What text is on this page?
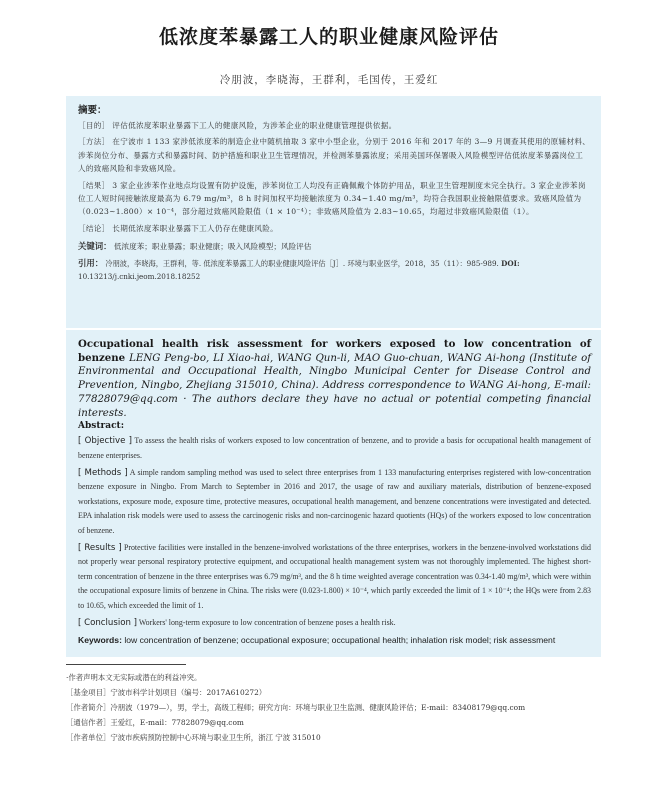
低浓度苯暴露工人的职业健康风险评估
冷朋波，李晓海，王群利，毛国传，王爱红
摘要：
［目的］ 评估低浓度苯职业暴露下工人的健康风险，为涉苯企业的职业健康管理提供依据。
［方法］ 在宁波市 1 133 家涉低浓度苯的制造企业中随机抽取 3 家中小型企业，分别于 2016 年和 2017 年的 3—9 月调查其使用的原辅材料、涉苯岗位分布、暴露方式和暴露时间、防护措施和职业卫生管理情况，并检测苯暴露浓度；采用美国环保署吸入风险模型评估低浓度苯暴露岗位工人的致癌风险和非致癌风险。
［结果］ 3 家企业涉苯作业地点均设置有防护设施，涉苯岗位工人均没有正确佩戴个体防护用品，职业卫生管理制度未完全执行。3 家企业涉苯岗位工人短时间接触浓度最高为 6.79 mg/m³，8 h 时间加权平均接触浓度为 0.34~1.40 mg/m³，均符合我国职业接触限值要求。致癌风险值为（0.023~1.800）× 10⁻⁴，部分超过致癌风险限值（1 × 10⁻⁴）；非致癌风险值为 2.83~10.65，均超过非致癌风险限值（1）。
［结论］ 长期低浓度苯职业暴露下工人仍存在健康风险。
关键词： 低浓度苯；职业暴露；职业健康；吸入风险模型；风险评估
引用： 冷朋波，李晓海，王群利，等. 低浓度苯暴露工人的职业健康风险评估［J］. 环境与职业医学，2018，35（11）：985-989. DOI: 10.13213/j.cnki.jeom.2018.18252
Occupational health risk assessment for workers exposed to low concentration of benzene LENG Peng-bo, LI Xiao-hai, WANG Qun-li, MAO Guo-chuan, WANG Ai-hong (Institute of Environmental and Occupational Health, Ningbo Municipal Center for Disease Control and Prevention, Ningbo, Zhejiang 315010, China). Address correspondence to WANG Ai-hong, E-mail: 77828079@qq.com · The authors declare they have no actual or potential competing financial interests.
Abstract:
[ Objective ] To assess the health risks of workers exposed to low concentration of benzene, and to provide a basis for occupational health management of benzene enterprises.
[ Methods ] A simple random sampling method was used to select three enterprises from 1 133 manufacturing enterprises registered with low-concentration benzene exposure in Ningbo. From March to September in 2016 and 2017, the usage of raw and auxiliary materials, distribution of benzene-exposed workstations, exposure mode, exposure time, protective measures, occupational health management, and benzene concentrations were investigated and detected. EPA inhalation risk models were used to assess the carcinogenic risks and non-carcinogenic hazard quotients (HQs) of the workers exposed to low concentration of benzene.
[ Results ] Protective facilities were installed in the benzene-involved workstations of the three enterprises, workers in the benzene-involved workstations did not properly wear personal respiratory protective equipment, and occupational health management system was not thoroughly implemented. The highest short-term concentration of benzene in the three enterprises was 6.79 mg/m³, and the 8 h time weighted average concentration was 0.34-1.40 mg/m³, which were within the occupational exposure limits of benzene in China. The risks were (0.023-1.800) × 10⁻⁴, which partly exceeded the limit of 1 × 10⁻⁴; the HQs were from 2.83 to 10.65, which exceeded the limit of 1.
[ Conclusion ] Workers' long-term exposure to low concentration of benzene poses a health risk.
Keywords: low concentration of benzene; occupational exposure; occupational health; inhalation risk model; risk assessment
·作者声明本文无实际或潜在的利益冲突。
［基金项目］宁波市科学计划项目（编号：2017A610272）
［作者简介］冷朋波（1979—），男，学士，高级工程师；研究方向：环境与职业卫生监测、健康风险评估；E-mail：83408179@qq.com
［通信作者］王爱红，E-mail：77828079@qq.com
［作者单位］宁波市疾病预防控制中心环境与职业卫生所，浙江 宁波 315010
